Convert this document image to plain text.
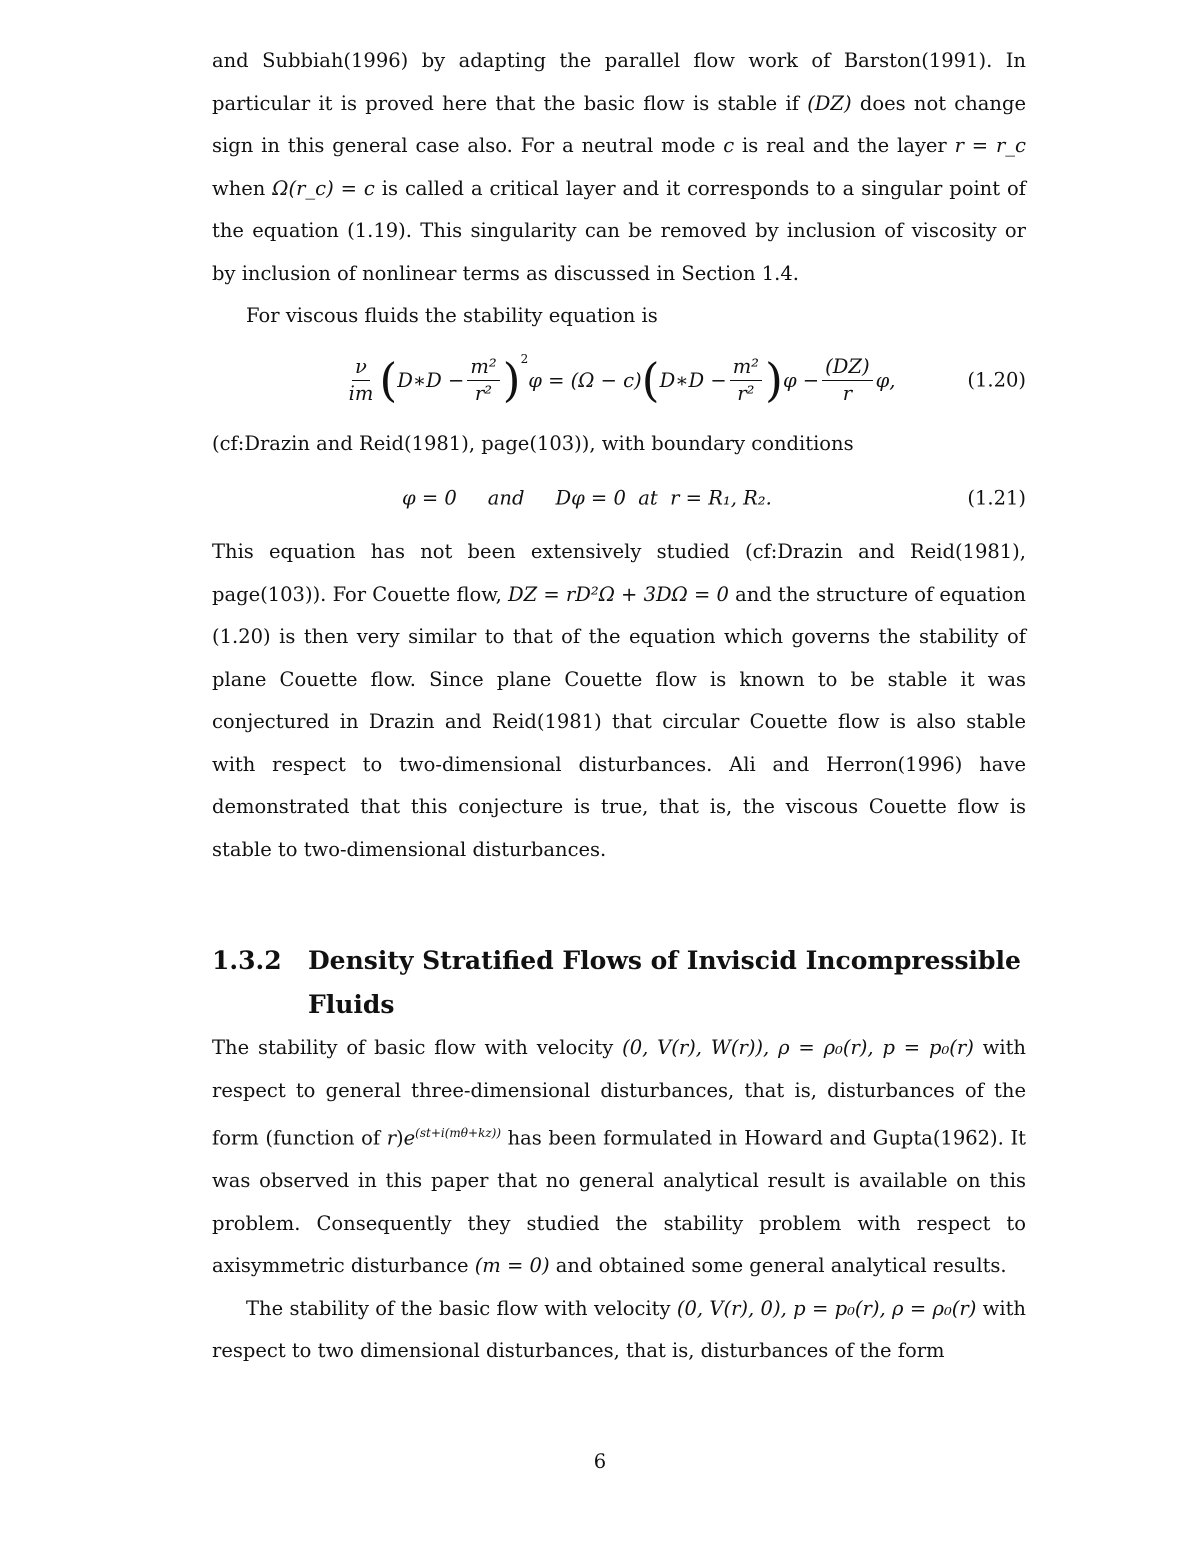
and Subbiah(1996) by adapting the parallel flow work of Barston(1991). In particular it is proved here that the basic flow is stable if (DZ) does not change sign in this general case also. For a neutral mode c is real and the layer r = r_c when Ω(r_c) = c is called a critical layer and it corresponds to a singular point of the equation (1.19). This singularity can be removed by inclusion of viscosity or by inclusion of nonlinear terms as discussed in Section 1.4.

For viscous fluids the stability equation is

$\frac{\nu}{im}$ ( D∗D − $\frac{\text{m²}}{\text{r²}} )^2$
φ = (Ω − c) ( D∗D − $\frac{\text{m²}}{\text{r²}}$ ) $\varphi - \frac{(DZ)}{r} \varphi$,	(1.20)

(cf:Drazin and Reid(1981), page(103)), with boundary conditions

φ = 0     and     Dφ = 0  at  r = R₁, R₂.	(1.21)

This equation has not been extensively studied (cf:Drazin and Reid(1981), page(103)). For Couette flow, DZ = rD²Ω + 3DΩ = 0 and the structure of equation (1.20) is then very similar to that of the equation which governs the stability of plane Couette flow. Since plane Couette flow is known to be stable it was conjectured in Drazin and Reid(1981) that circular Couette flow is also stable with respect to two-dimensional disturbances. Ali and Herron(1996) have demonstrated that this conjecture is true, that is, the viscous Couette flow is stable to two-dimensional disturbances.

1.3.2	Density Stratified Flows of Inviscid Incompressible Fluids

The stability of basic flow with velocity (0, V(r), W(r)), ρ = ρ₀(r), p = p₀(r) with respect to general three-dimensional disturbances, that is, disturbances of the form (function of $r)e^{(st+i(m\theta+kz))}$ has been formulated in Howard and Gupta(1962). It was observed in this paper that no general analytical result is available on this problem. Consequently they studied the stability problem with respect to axisymmetric disturbance (m = 0) and obtained some general analytical results.

The stability of the basic flow with velocity (0, V(r), 0), p = p₀(r), ρ = ρ₀(r) with respect to two dimensional disturbances, that is, disturbances of the form

6
